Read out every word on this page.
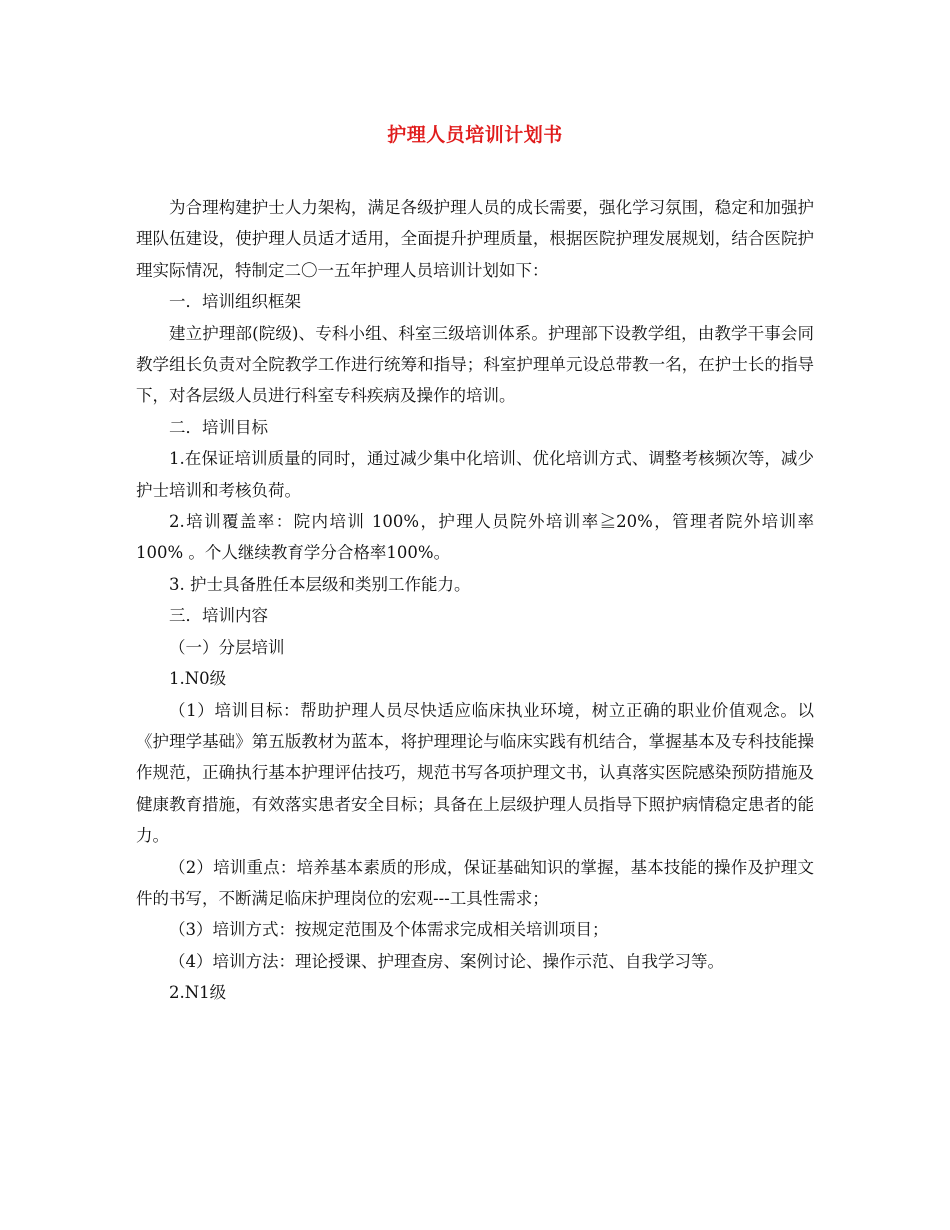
护理人员培训计划书

为合理构建护士人力架构，满足各级护理人员的成长需要，强化学习氛围，稳定和加强护理队伍建设，使护理人员适才适用，全面提升护理质量，根据医院护理发展规划，结合医院护理实际情况，特制定二〇一五年护理人员培训计划如下：

一．培训组织框架

建立护理部(院级)、专科小组、科室三级培训体系。护理部下设教学组，由教学干事会同教学组长负责对全院教学工作进行统筹和指导；科室护理单元设总带教一名，在护士长的指导下，对各层级人员进行科室专科疾病及操作的培训。

二．培训目标

1.在保证培训质量的同时，通过减少集中化培训、优化培训方式、调整考核频次等，减少护士培训和考核负荷。

2.培训覆盖率：院内培训 100%，护理人员院外培训率≧20%，管理者院外培训率100% 。个人继续教育学分合格率100%。

3. 护士具备胜任本层级和类别工作能力。

三．培训内容

（一）分层培训

1.N0级

（1）培训目标：帮助护理人员尽快适应临床执业环境，树立正确的职业价值观念。以《护理学基础》第五版教材为蓝本，将护理理论与临床实践有机结合，掌握基本及专科技能操作规范，正确执行基本护理评估技巧，规范书写各项护理文书，认真落实医院感染预防措施及健康教育措施，有效落实患者安全目标；具备在上层级护理人员指导下照护病情稳定患者的能力。

（2）培训重点：培养基本素质的形成，保证基础知识的掌握，基本技能的操作及护理文件的书写，不断满足临床护理岗位的宏观---工具性需求；

（3）培训方式：按规定范围及个体需求完成相关培训项目；

（4）培训方法：理论授课、护理查房、案例讨论、操作示范、自我学习等。

2.N1级
